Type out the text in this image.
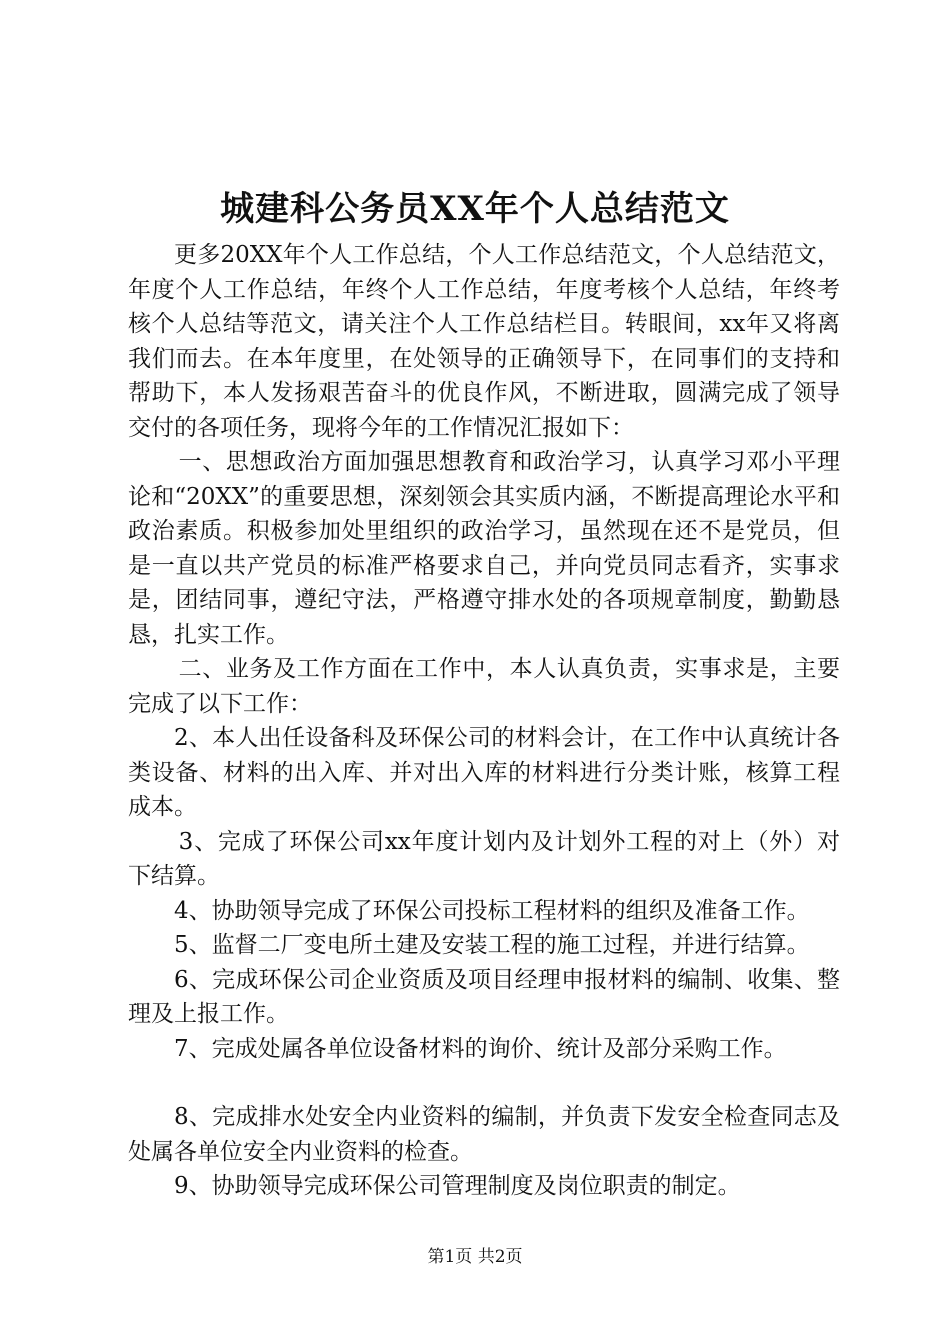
城建科公务员XX年个人总结范文

更多20XX年个人工作总结，个人工作总结范文，个人总结范文，年度个人工作总结，年终个人工作总结，年度考核个人总结，年终考核个人总结等范文，请关注个人工作总结栏目。转眼间，xx年又将离我们而去。在本年度里，在处领导的正确领导下，在同事们的支持和帮助下，本人发扬艰苦奋斗的优良作风，不断进取，圆满完成了领导交付的各项任务，现将今年的工作情况汇报如下：

一、思想政治方面加强思想教育和政治学习，认真学习邓小平理论和“20XX”的重要思想，深刻领会其实质内涵，不断提高理论水平和政治素质。积极参加处里组织的政治学习，虽然现在还不是党员，但是一直以共产党员的标准严格要求自己，并向党员同志看齐，实事求是，团结同事，遵纪守法，严格遵守排水处的各项规章制度，勤勤恳恳，扎实工作。

二、业务及工作方面在工作中，本人认真负责，实事求是，主要完成了以下工作：

2、本人出任设备科及环保公司的材料会计，在工作中认真统计各类设备、材料的出入库、并对出入库的材料进行分类计账，核算工程成本。

3、完成了环保公司xx年度计划内及计划外工程的对上（外）对下结算。

4、协助领导完成了环保公司投标工程材料的组织及准备工作。

5、监督二厂变电所土建及安装工程的施工过程，并进行结算。

6、完成环保公司企业资质及项目经理申报材料的编制、收集、整理及上报工作。

7、完成处属各单位设备材料的询价、统计及部分采购工作。

8、完成排水处安全内业资料的编制，并负责下发安全检查同志及处属各单位安全内业资料的检查。

9、协助领导完成环保公司管理制度及岗位职责的制定。

第1页 共2页
